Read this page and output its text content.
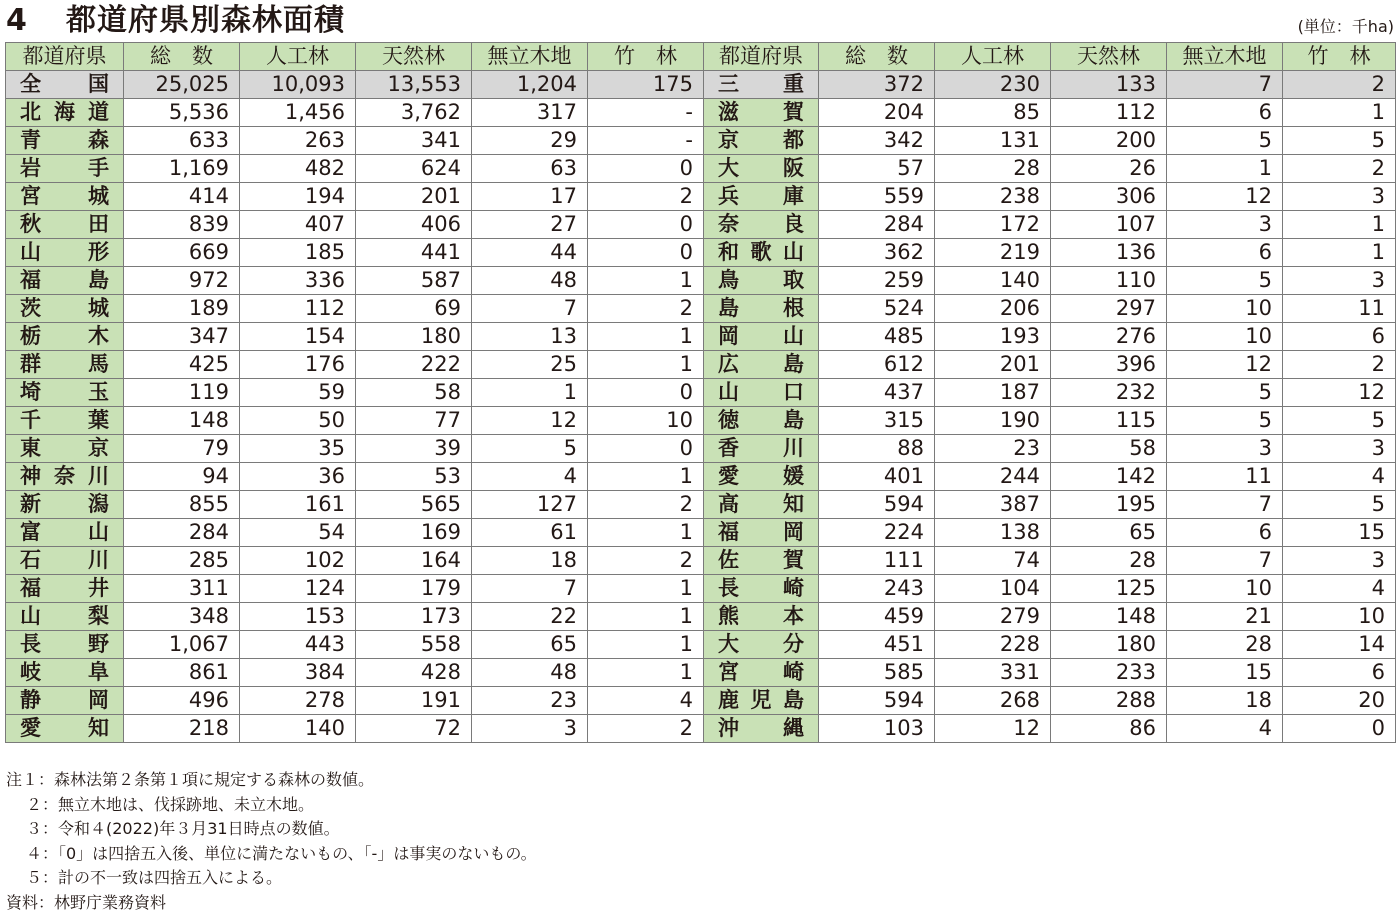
4 都道府県別森林面積	(単位：千ha)
都道府県	総　数	人工林	天然林	無立木地	竹　林	都道府県	総　数	人工林	天然林	無立木地	竹　林

全 国	25,025	10,093	13,553	1,204	175	三 重	372	230	133	7	2

北 海 道	5,536	1,456	3,762	317	-	滋 賀	204	85	112	6	1

青 森	633	263	341	29	-	京 都	342	131	200	5	5

岩 手	1,169	482	624	63	0	大 阪	57	28	26	1	2

宮 城	414	194	201	17	2	兵 庫	559	238	306	12	3

秋 田	839	407	406	27	0	奈 良	284	172	107	3	1

山 形	669	185	441	44	0	和 歌 山	362	219	136	6	1

福 島	972	336	587	48	1	鳥 取	259	140	110	5	3

茨 城	189	112	69	7	2	島 根	524	206	297	10	11

栃 木	347	154	180	13	1	岡 山	485	193	276	10	6

群 馬	425	176	222	25	1	広 島	612	201	396	12	2

埼 玉	119	59	58	1	0	山 口	437	187	232	5	12

千 葉	148	50	77	12	10	徳 島	315	190	115	5	5

東 京	79	35	39	5	0	香 川	88	23	58	3	3

神 奈 川	94	36	53	4	1	愛 媛	401	244	142	11	4

新 潟	855	161	565	127	2	高 知	594	387	195	7	5

富 山	284	54	169	61	1	福 岡	224	138	65	6	15

石 川	285	102	164	18	2	佐 賀	111	74	28	7	3

福 井	311	124	179	7	1	長 崎	243	104	125	10	4

山 梨	348	153	173	22	1	熊 本	459	279	148	21	10

長 野	1,067	443	558	65	1	大 分	451	228	180	28	14

岐 阜	861	384	428	48	1	宮 崎	585	331	233	15	6

静 岡	496	278	191	23	4	鹿 児 島	594	268	288	18	20

愛 知	218	140	72	3	2	沖 縄	103	12	86	4	0
注１：森林法第２条第１項に規定する森林の数値。
２：無立木地は、伐採跡地、未立木地。
３：令和４(2022)年３月31日時点の数値。
４：「0」は四捨五入後、単位に満たないもの、「-」は事実のないもの。
５：計の不一致は四捨五入による。
資料：林野庁業務資料
